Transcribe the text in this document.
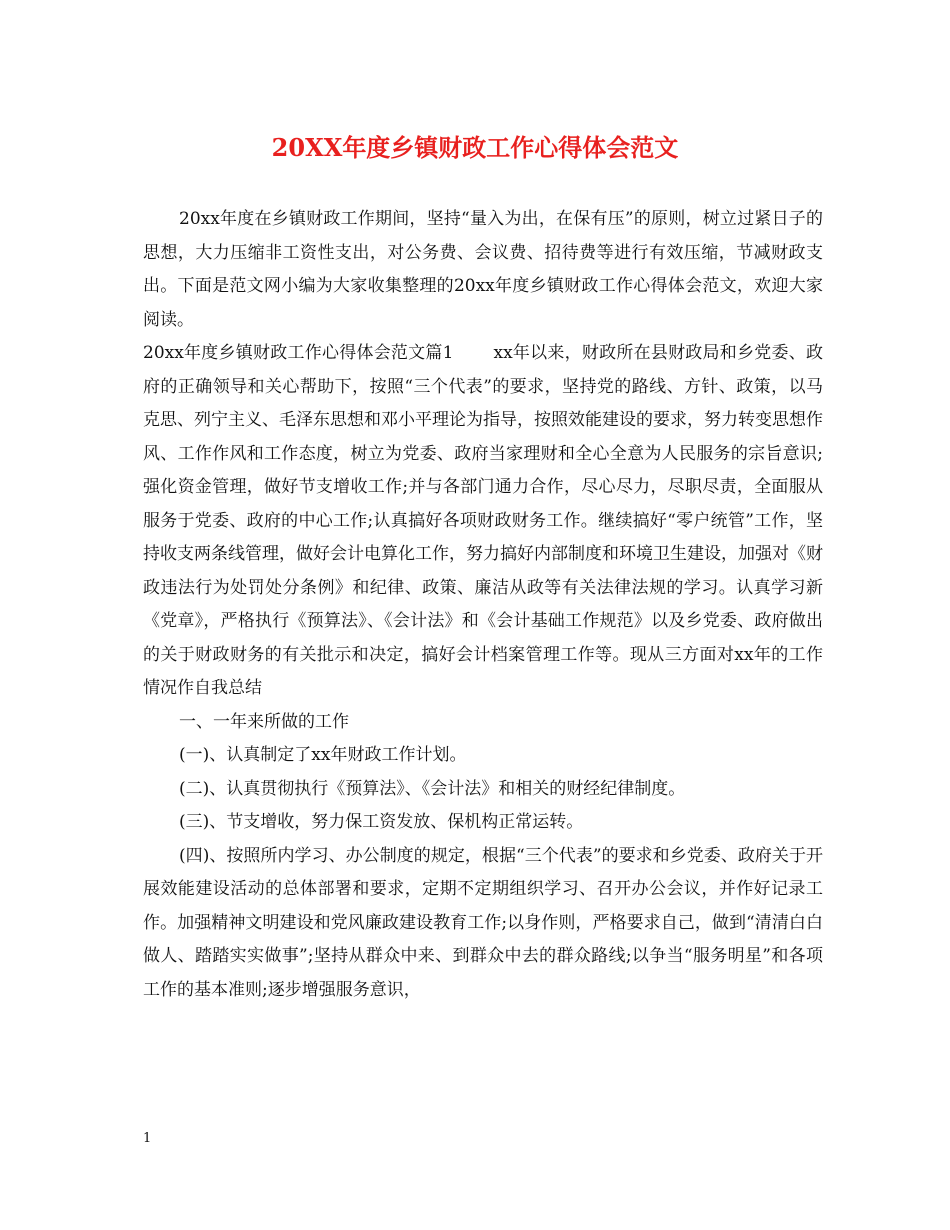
20XX年度乡镇财政工作心得体会范文

20xx年度在乡镇财政工作期间，坚持“量入为出，在保有压”的原则，树立过紧日子的思想，大力压缩非工资性支出，对公务费、会议费、招待费等进行有效压缩，节减财政支出。下面是范文网小编为大家收集整理的20xx年度乡镇财政工作心得体会范文，欢迎大家阅读。

20xx年度乡镇财政工作心得体会范文篇1 xx年以来，财政所在县财政局和乡党委、政府的正确领导和关心帮助下，按照“三个代表”的要求，坚持党的路线、方针、政策，以马克思、列宁主义、毛泽东思想和邓小平理论为指导，按照效能建设的要求，努力转变思想作风、工作作风和工作态度，树立为党委、政府当家理财和全心全意为人民服务的宗旨意识;强化资金管理，做好节支增收工作;并与各部门通力合作，尽心尽力，尽职尽责，全面服从服务于党委、政府的中心工作;认真搞好各项财政财务工作。继续搞好“零户统管”工作，坚持收支两条线管理，做好会计电算化工作，努力搞好内部制度和环境卫生建设，加强对《财政违法行为处罚处分条例》和纪律、政策、廉洁从政等有关法律法规的学习。认真学习新《党章》，严格执行《预算法》、《会计法》和《会计基础工作规范》以及乡党委、政府做出的关于财政财务的有关批示和决定，搞好会计档案管理工作等。现从三方面对xx年的工作情况作自我总结

一、一年来所做的工作

(一)、认真制定了xx年财政工作计划。

(二)、认真贯彻执行《预算法》、《会计法》和相关的财经纪律制度。

(三)、节支增收，努力保工资发放、保机构正常运转。

(四)、按照所内学习、办公制度的规定，根据“三个代表”的要求和乡党委、政府关于开展效能建设活动的总体部署和要求，定期不定期组织学习、召开办公会议，并作好记录工作。加强精神文明建设和党风廉政建设教育工作;以身作则，严格要求自己，做到“清清白白做人、踏踏实实做事”;坚持从群众中来、到群众中去的群众路线;以争当“服务明星”和各项工作的基本准则;逐步增强服务意识，

1
